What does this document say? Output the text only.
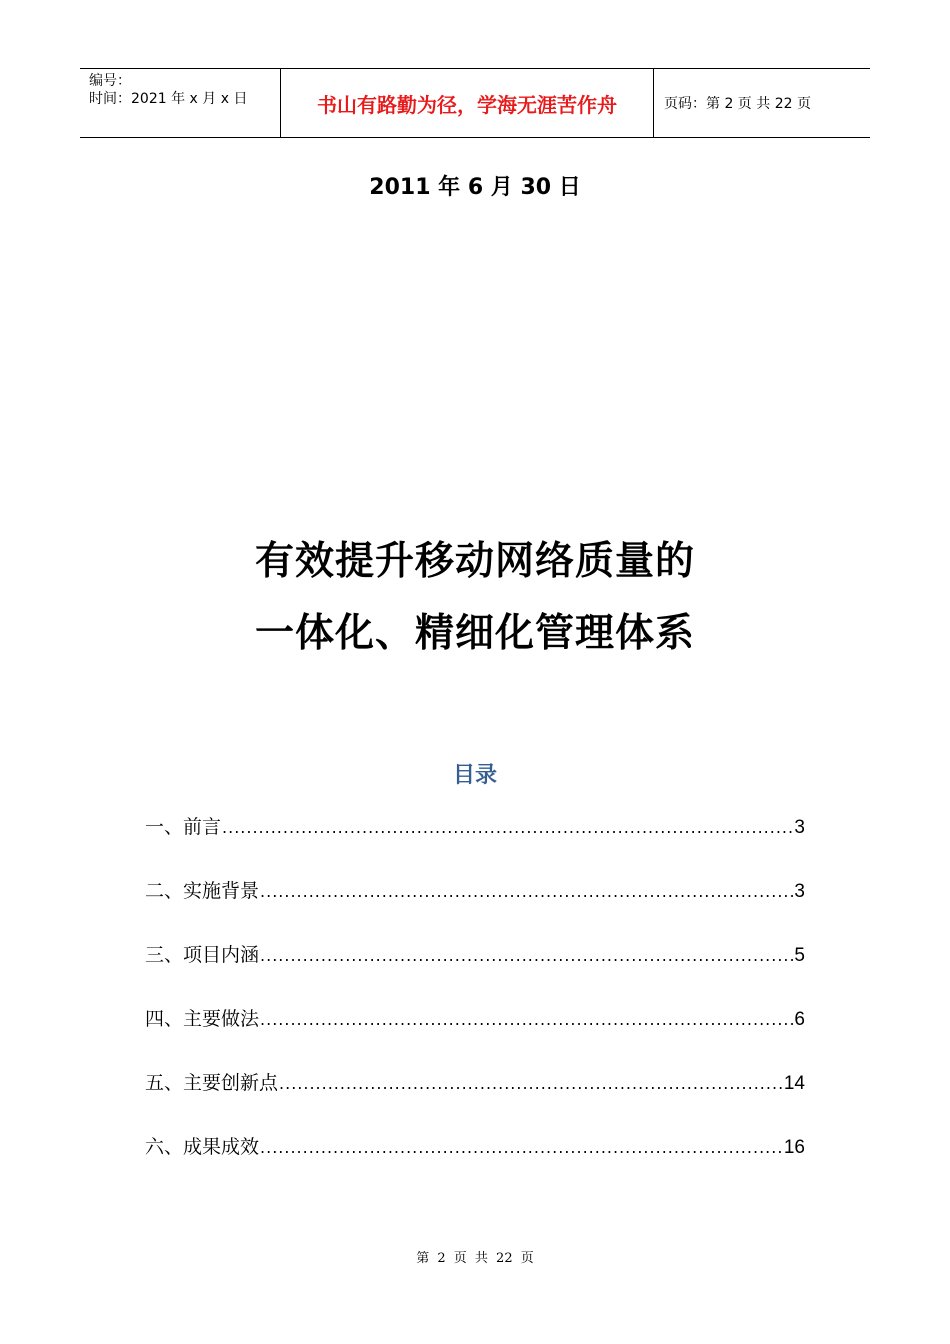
编号：
时间：2021 年 x 月 x 日	书山有路勤为径，学海无涯苦作舟	页码：第 2 页 共 22 页
2011 年 6 月 30 日
有效提升移动网络质量的
一体化、精细化管理体系
目录
一、前言 .....	3
二、实施背景 .....	3
三、项目内涵 .....	5
四、主要做法 .....	6
五、主要创新点 .....	14
六、成果成效 .....	16
第 2 页 共 22 页
